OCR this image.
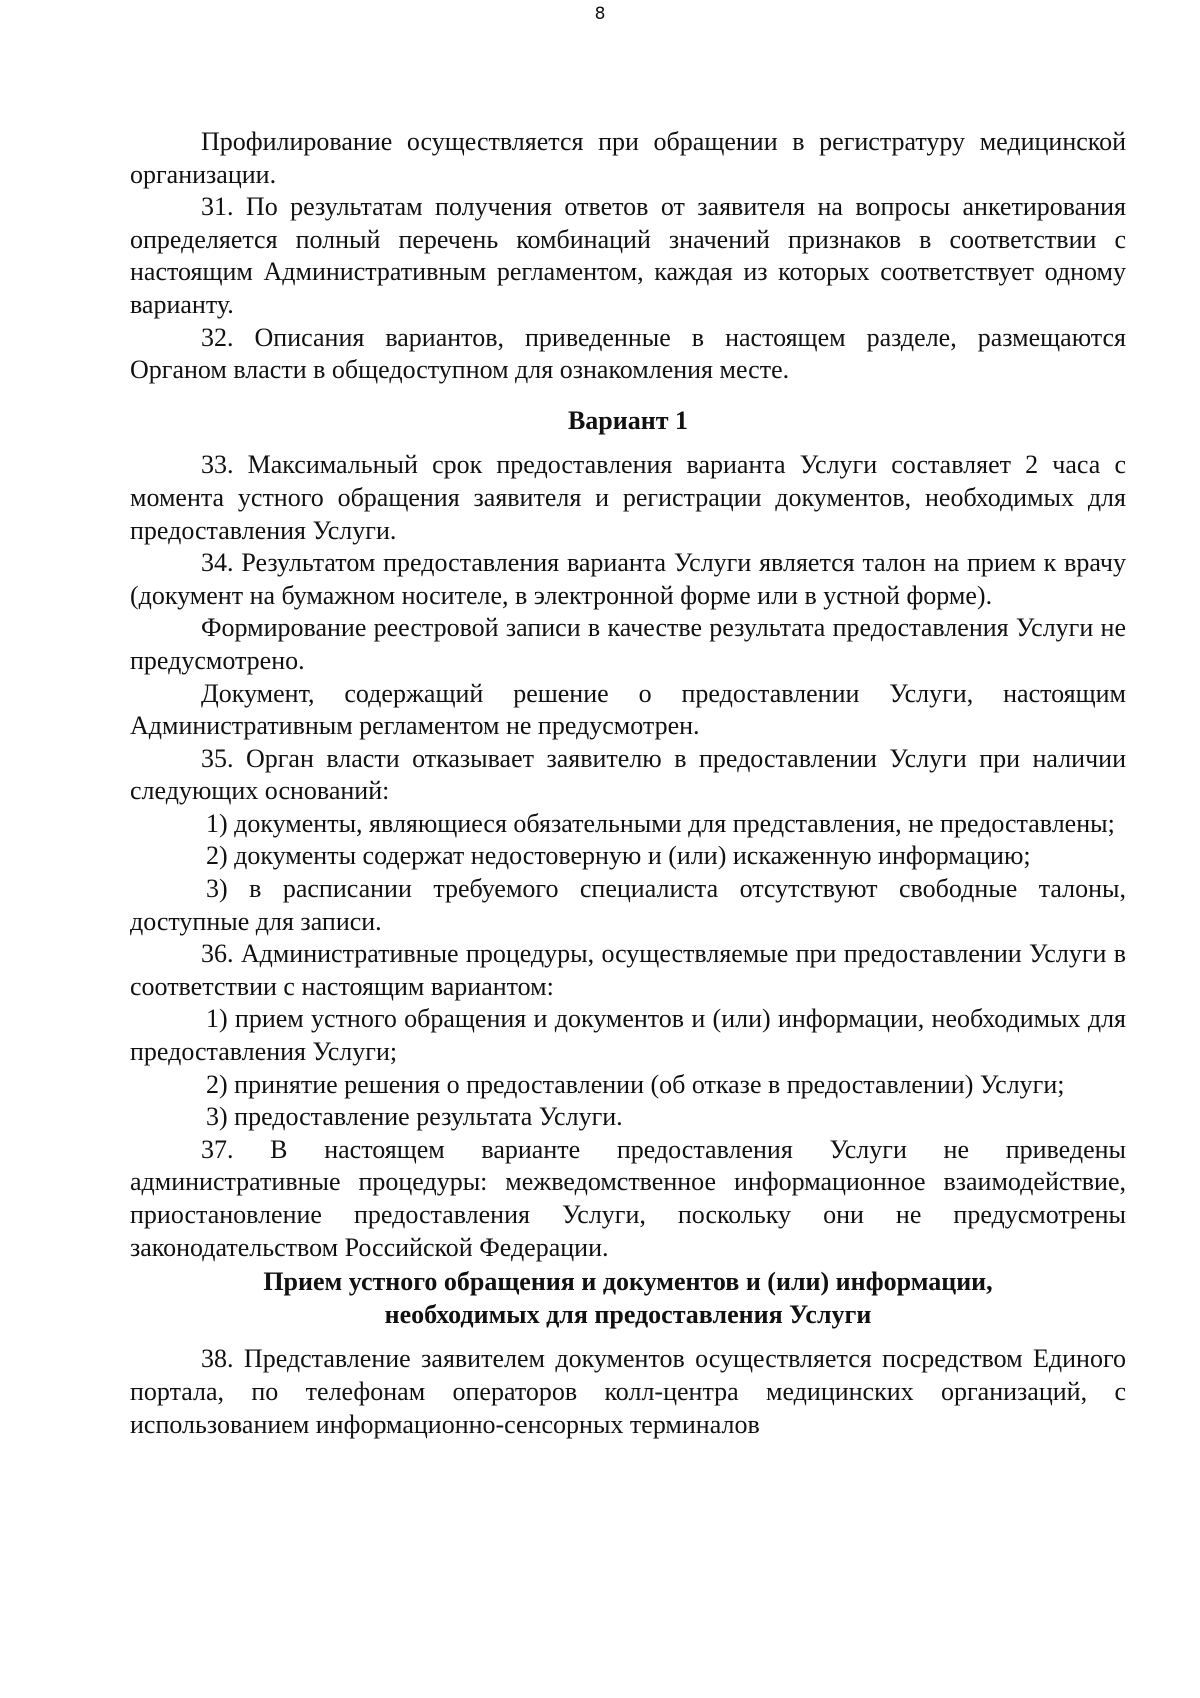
8

Профилирование осуществляется при обращении в регистратуру медицинской организации.

31. По результатам получения ответов от заявителя на вопросы анкетирования определяется полный перечень комбинаций значений признаков в соответствии с настоящим Административным регламентом, каждая из которых соответствует одному варианту.

32. Описания вариантов, приведенные в настоящем разделе, размещаются Органом власти в общедоступном для ознакомления месте.

Вариант 1

33. Максимальный срок предоставления варианта Услуги составляет 2 часа с момента устного обращения заявителя и регистрации документов, необходимых для предоставления Услуги.

34. Результатом предоставления варианта Услуги является талон на прием к врачу (документ на бумажном носителе, в электронной форме или в устной форме).

Формирование реестровой записи в качестве результата предоставления Услуги не предусмотрено.

Документ, содержащий решение о предоставлении Услуги, настоящим Административным регламентом не предусмотрен.

35. Орган власти отказывает заявителю в предоставлении Услуги при наличии следующих оснований:

1) документы, являющиеся обязательными для представления, не предоставлены;

2) документы содержат недостоверную и (или) искаженную информацию;

3) в расписании требуемого специалиста отсутствуют свободные талоны, доступные для записи.

36. Административные процедуры, осуществляемые при предоставлении Услуги в соответствии с настоящим вариантом:

1) прием устного обращения и документов и (или) информации, необходимых для предоставления Услуги;

2) принятие решения о предоставлении (об отказе в предоставлении) Услуги;

3) предоставление результата Услуги.

37. В настоящем варианте предоставления Услуги не приведены административные процедуры: межведомственное информационное взаимодействие, приостановление предоставления Услуги, поскольку они не предусмотрены законодательством Российской Федерации.

Прием устного обращения и документов и (или) информации,
необходимых для предоставления Услуги

38. Представление заявителем документов осуществляется посредством Единого портала, по телефонам операторов колл-центра медицинских организаций, с использованием информационно-сенсорных терминалов
